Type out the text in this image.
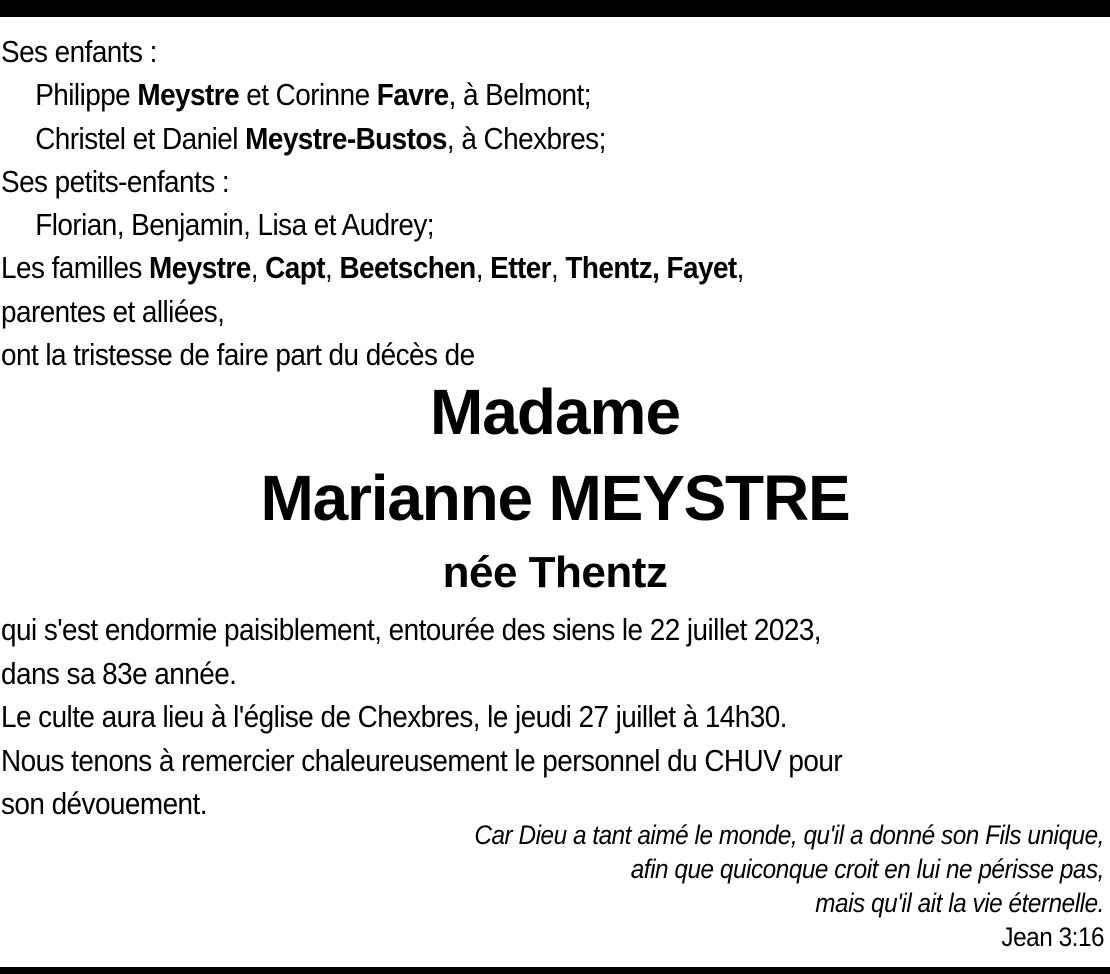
Ses enfants :
Philippe Meystre et Corinne Favre, à Belmont;
Christel et Daniel Meystre-Bustos, à Chexbres;
Ses petits-enfants :
Florian, Benjamin, Lisa et Audrey;
Les familles Meystre, Capt, Beetschen, Etter, Thentz, Fayet,
parentes et alliées,
ont la tristesse de faire part du décès de
Madame
Marianne MEYSTRE
née Thentz
qui s'est endormie paisiblement, entourée des siens le 22 juillet 2023,
dans sa 83e année.
Le culte aura lieu à l'église de Chexbres, le jeudi 27 juillet à 14h30.
Nous tenons à remercier chaleureusement le personnel du CHUV pour
son dévouement.
Car Dieu a tant aimé le monde, qu'il a donné son Fils unique,
afin que quiconque croit en lui ne périsse pas,
mais qu'il ait la vie éternelle.
Jean 3:16
